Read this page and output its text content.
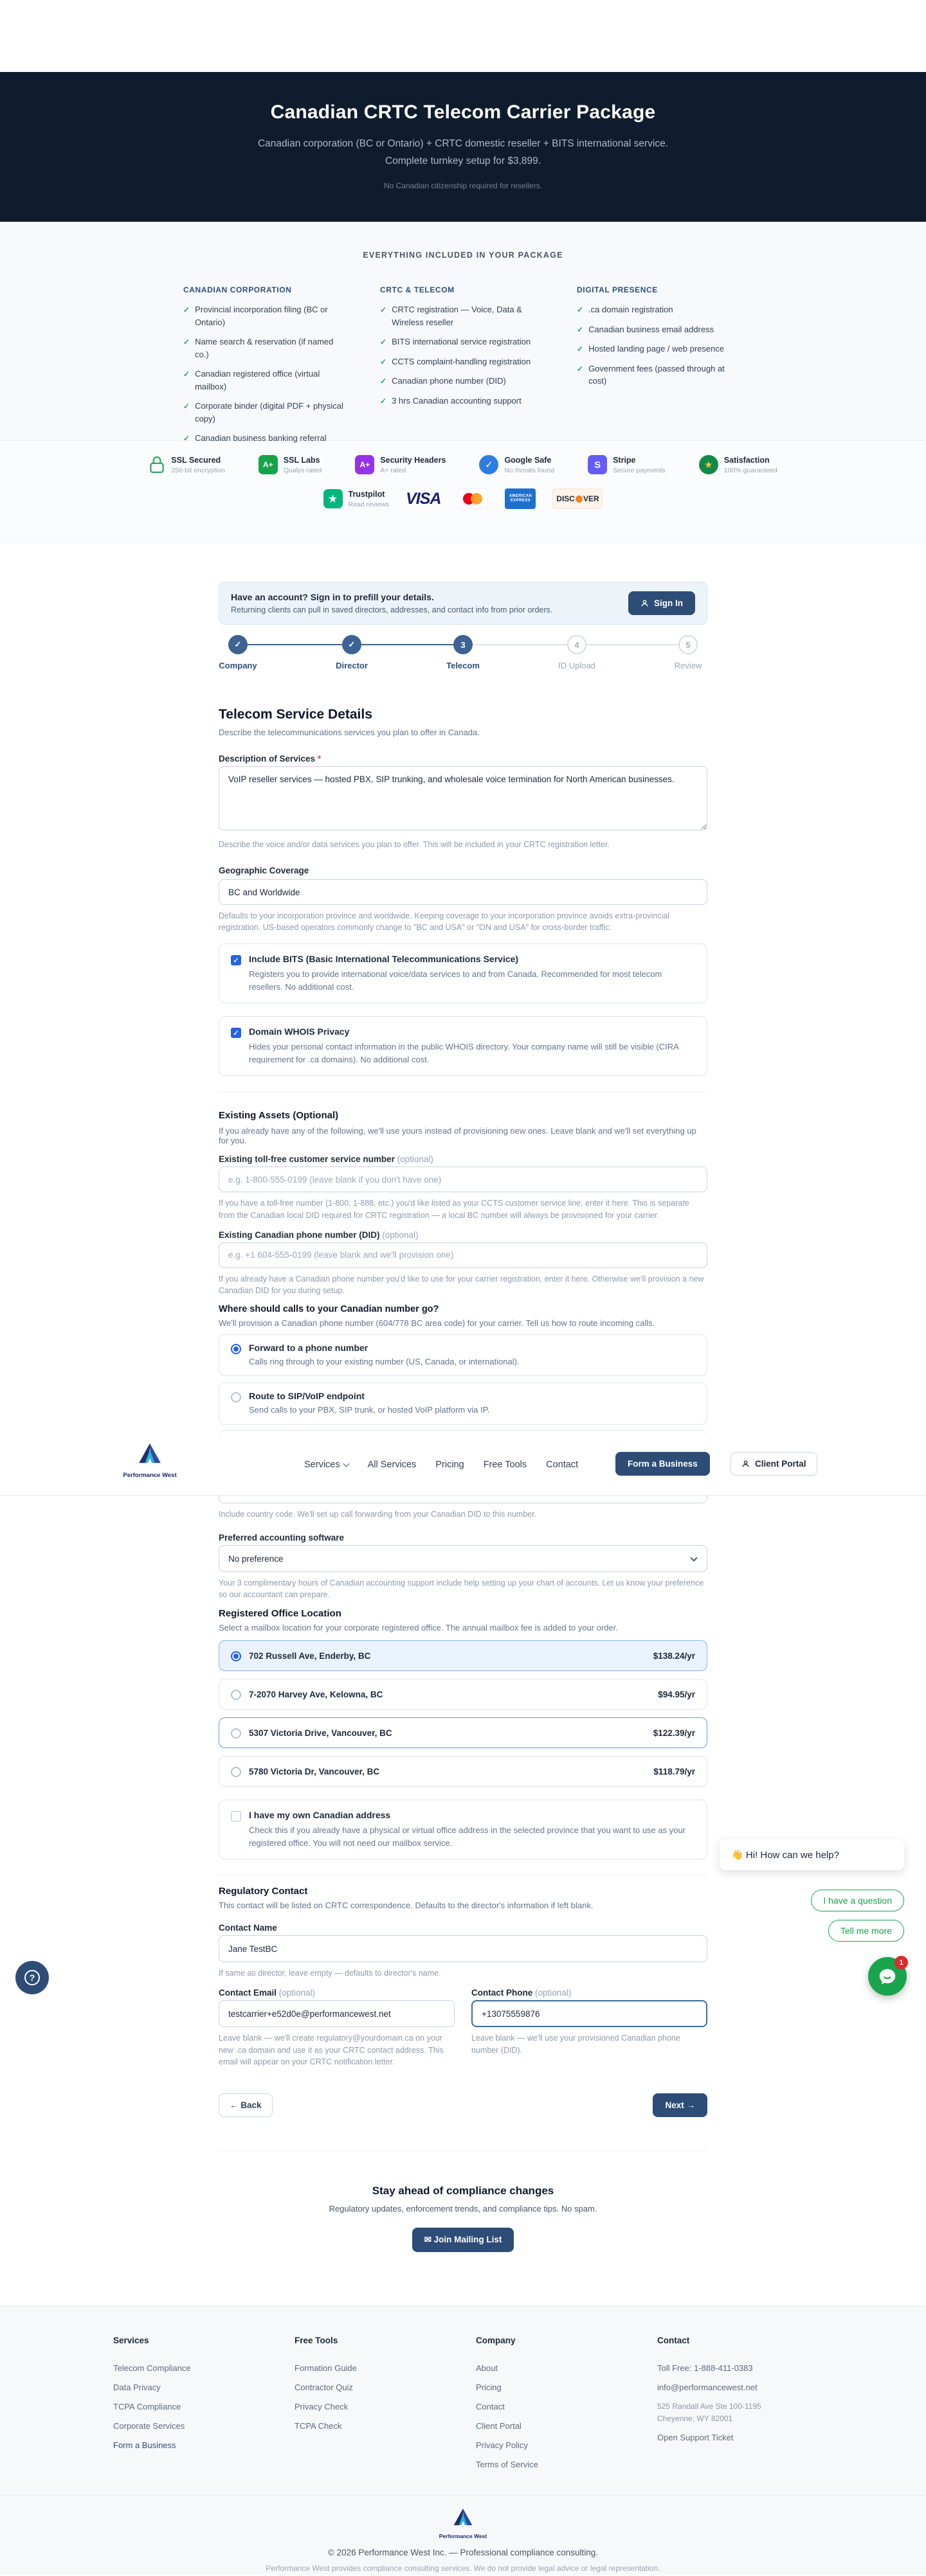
Canadian CRTC Telecom Carrier Package
Canadian corporation (BC or Ontario) + CRTC domestic reseller + BITS international service. Complete turnkey setup for $3,899.
No Canadian citizenship required for resellers.
EVERYTHING INCLUDED IN YOUR PACKAGE
CANADIAN CORPORATION
✓ Provincial incorporation filing (BC or Ontario)
✓ Name search & reservation (if named co.)
✓ Canadian registered office (virtual mailbox)
✓ Corporate binder (digital PDF + physical copy)
✓ Canadian business banking referral
CRTC & TELECOM
✓ CRTC registration — Voice, Data & Wireless reseller
✓ BITS international service registration
✓ CCTS complaint-handling registration
✓ Canadian phone number (DID)
✓ 3 hrs Canadian accounting support
DIGITAL PRESENCE
✓ .ca domain registration
✓ Canadian business email address
✓ Hosted landing page / web presence
✓ Government fees (passed through at cost)
SSL Secured
256-bit encryption
A+
SSL Labs
Qualys rated
A+
Security Headers
A+ rated	✓	Google Safe
No threats found	S	Stripe
Secure payments	★	Satisfaction
100% guaranteed
★	Trustpilot
Read reviews VISA	AMERICAN
EXPRESS	DISC VER
Have an account? Sign in to prefill your details.
Returning clients can pull in saved directors, addresses, and contact info from prior orders.
Sign In
✓
Company
✓
Director
3
Telecom
4
ID Upload
5
Review
Telecom Service Details
Describe the telecommunications services you plan to offer in Canada.
Description of Services *
VoIP reseller services — hosted PBX, SIP trunking, and wholesale voice termination for North American businesses.
Describe the voice and/or data services you plan to offer. This will be included in your CRTC registration letter.
Geographic Coverage
BC and Worldwide
Defaults to your incorporation province and worldwide. Keeping coverage to your incorporation province avoids extra-provincial registration. US-based operators commonly change to "BC and USA" or "ON and USA" for cross-border traffic.
✓ Include BITS (Basic International Telecommunications Service)
Registers you to provide international voice/data services to and from Canada. Recommended for most telecom resellers. No additional cost.
✓ Domain WHOIS Privacy
Hides your personal contact information in the public WHOIS directory. Your company name will still be visible (CIRA requirement for .ca domains). No additional cost.
Existing Assets (Optional)
If you already have any of the following, we'll use yours instead of provisioning new ones. Leave blank and we'll set everything up for you.
Existing toll-free customer service number (optional)
e.g. 1-800-555-0199 (leave blank if you don't have one)
If you have a toll-free number (1-800, 1-888, etc.) you'd like listed as your CCTS customer service line, enter it here. This is separate from the Canadian local DID required for CRTC registration — a local BC number will always be provisioned for your carrier.
Existing Canadian phone number (DID) (optional)
e.g. +1 604-555-0199 (leave blank and we'll provision one)
If you already have a Canadian phone number you'd like to use for your carrier registration, enter it here. Otherwise we'll provision a new Canadian DID for you during setup.
Where should calls to your Canadian number go?
We'll provision a Canadian phone number (604/778 BC area code) for your carrier. Tell us how to route incoming calls.
Forward to a phone number
Calls ring through to your existing number (US, Canada, or international).
Route to SIP/VoIP endpoint
Send calls to your PBX, SIP trunk, or hosted VoIP platform via IP.
Include country code. We'll set up call forwarding from your Canadian DID to this number.
Preferred accounting software
No preference
Your 3 complimentary hours of Canadian accounting support include help setting up your chart of accounts. Let us know your preference so our accountant can prepare.
Registered Office Location
Select a mailbox location for your corporate registered office. The annual mailbox fee is added to your order.
702 Russell Ave, Enderby, BC	$138.24/yr
7-2070 Harvey Ave, Kelowna, BC	$94.95/yr
5307 Victoria Drive, Vancouver, BC	$122.39/yr
5780 Victoria Dr, Vancouver, BC	$118.79/yr
I have my own Canadian address
Check this if you already have a physical or virtual office address in the selected province that you want to use as your registered office. You will not need our mailbox service.
Regulatory Contact
This contact will be listed on CRTC correspondence. Defaults to the director's information if left blank.
Contact Name
Jane TestBC
If same as director, leave empty — defaults to director's name.
Contact Email (optional)
testcarrier+e52d0e@performancewest.net
Leave blank — we'll create regulatory@yourdomain.ca on your new .ca domain and use it as your CRTC contact address. This email will appear on your CRTC notification letter.
Contact Phone (optional)
+13075559876
Leave blank — we'll use your provisioned Canadian phone number (DID).
← Back	Next →
Stay ahead of compliance changes
Regulatory updates, enforcement trends, and compliance tips. No spam.
✉ Join Mailing List
Performance West
Services	All Services Pricing Free Tools Contact	Form a Business	Client Portal
👋 Hi! How can we help?
I have a question
Tell me more
1
?
Services
Telecom Compliance
Data Privacy
TCPA Compliance
Corporate Services
Form a Business
Free Tools
Formation Guide
Contractor Quiz
Privacy Check
TCPA Check
Company
About
Pricing
Contact
Client Portal
Privacy Policy
Terms of Service
Contact
Toll Free: 1-888-411-0383
info@performancewest.net
525 Randall Ave Ste 100-1195
Cheyenne, WY 82001
Open Support Ticket
Performance West
© 2026 Performance West Inc. — Professional compliance consulting.
Performance West provides compliance consulting services. We do not provide legal advice or legal representation.
